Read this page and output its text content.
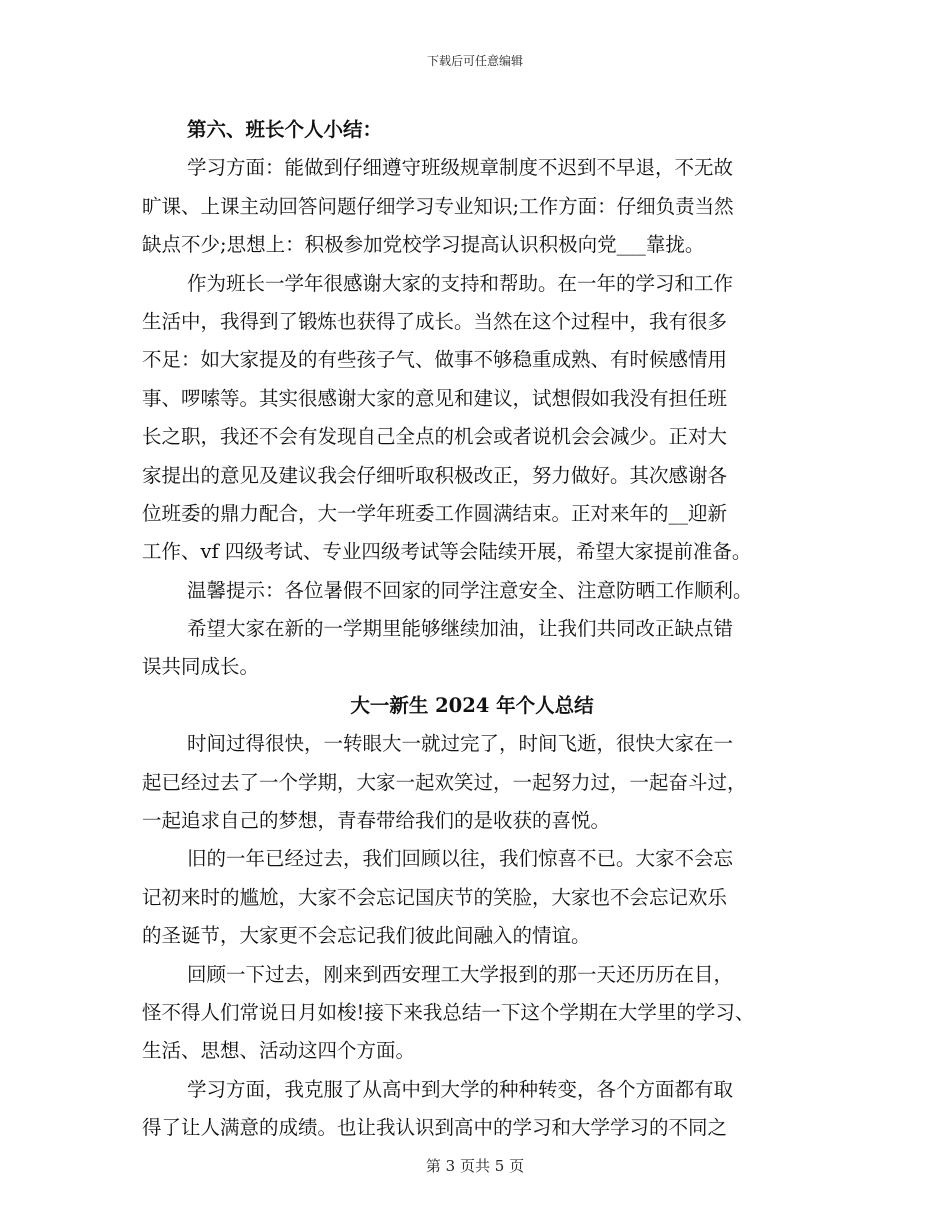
下载后可任意编辑
第六、班长个人小结：
学习方面：能做到仔细遵守班级规章制度不迟到不早退，不无故
旷课、上课主动回答问题仔细学习专业知识;工作方面：仔细负责当然
缺点不少;思想上：积极参加党校学习提高认识积极向党___靠拢。
作为班长一学年很感谢大家的支持和帮助。在一年的学习和工作
生活中，我得到了锻炼也获得了成长。当然在这个过程中，我有很多
不足：如大家提及的有些孩子气、做事不够稳重成熟、有时候感情用
事、啰嗦等。其实很感谢大家的意见和建议，试想假如我没有担任班
长之职，我还不会有发现自己全点的机会或者说机会会减少。正对大
家提出的意见及建议我会仔细听取积极改正，努力做好。其次感谢各
位班委的鼎力配合，大一学年班委工作圆满结束。正对来年的__迎新
工作、vf 四级考试、专业四级考试等会陆续开展，希望大家提前准备。
温馨提示：各位暑假不回家的同学注意安全、注意防晒工作顺利。
希望大家在新的一学期里能够继续加油，让我们共同改正缺点错
误共同成长。
大一新生 2024 年个人总结
时间过得很快，一转眼大一就过完了，时间飞逝，很快大家在一
起已经过去了一个学期，大家一起欢笑过，一起努力过，一起奋斗过，
一起追求自己的梦想，青春带给我们的是收获的喜悦。
旧的一年已经过去，我们回顾以往，我们惊喜不已。大家不会忘
记初来时的尴尬，大家不会忘记国庆节的笑脸，大家也不会忘记欢乐
的圣诞节，大家更不会忘记我们彼此间融入的情谊。
回顾一下过去，刚来到西安理工大学报到的那一天还历历在目，
怪不得人们常说日月如梭!接下来我总结一下这个学期在大学里的学习、
生活、思想、活动这四个方面。
学习方面，我克服了从高中到大学的种种转变，各个方面都有取
得了让人满意的成绩。也让我认识到高中的学习和大学学习的不同之
第 3 页共 5 页
